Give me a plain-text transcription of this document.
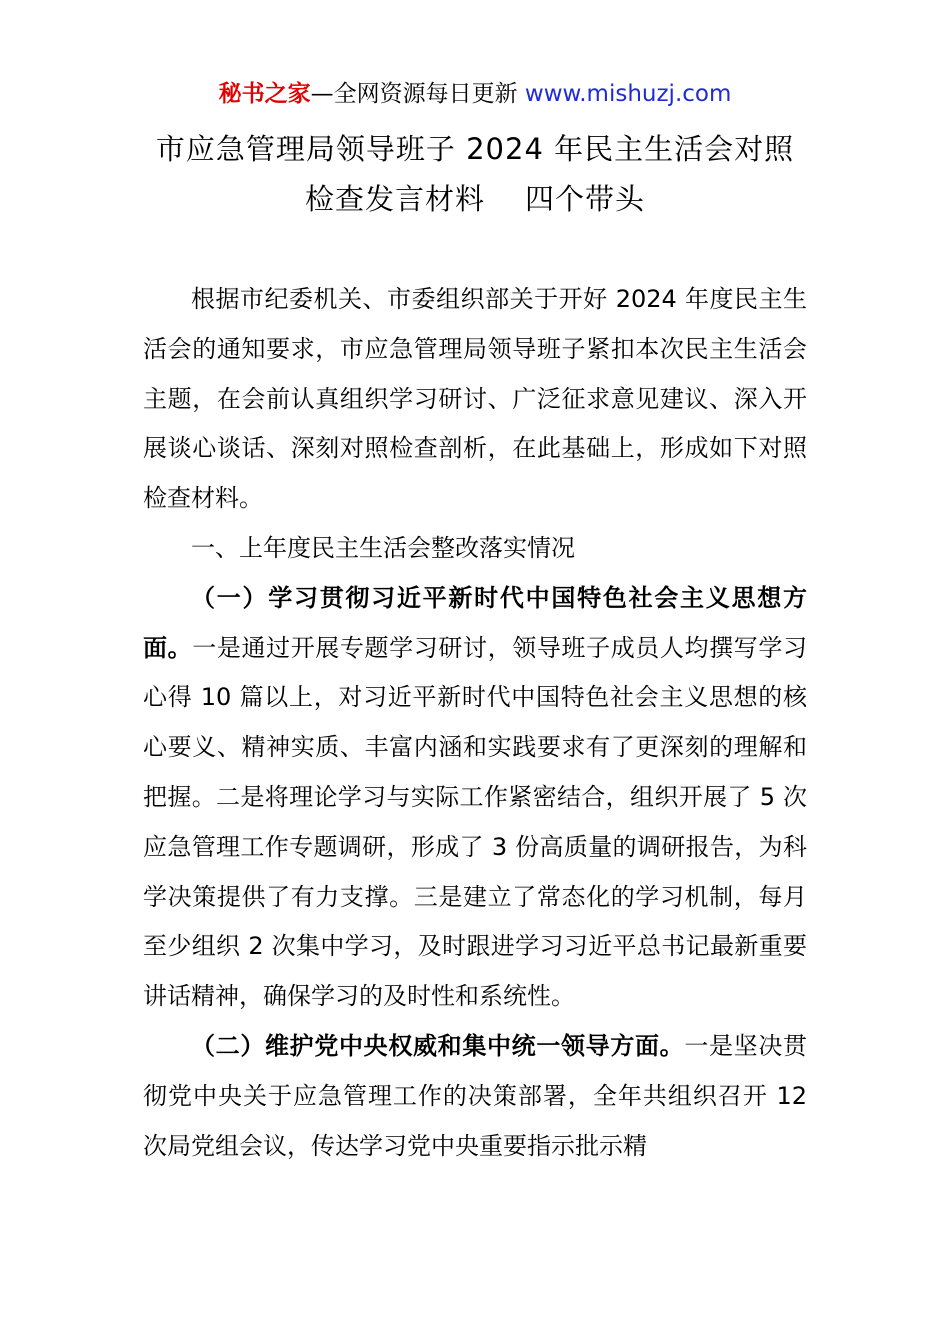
秘书之家—全网资源每日更新 www.mishuzj.com
市应急管理局领导班子 2024 年民主生活会对照
检查发言材料 四个带头

根据市纪委机关、市委组织部关于开好 2024 年度民主生活会的通知要求，市应急管理局领导班子紧扣本次民主生活会主题，在会前认真组织学习研讨、广泛征求意见建议、深入开展谈心谈话、深刻对照检查剖析，在此基础上，形成如下对照检查材料。

一、上年度民主生活会整改落实情况

（一）学习贯彻习近平新时代中国特色社会主义思想方面。一是通过开展专题学习研讨，领导班子成员人均撰写学习心得 10 篇以上，对习近平新时代中国特色社会主义思想的核心要义、精神实质、丰富内涵和实践要求有了更深刻的理解和把握。二是将理论学习与实际工作紧密结合，组织开展了 5 次应急管理工作专题调研，形成了 3 份高质量的调研报告，为科学决策提供了有力支撑。三是建立了常态化的学习机制，每月至少组织 2 次集中学习，及时跟进学习习近平总书记最新重要讲话精神，确保学习的及时性和系统性。

（二）维护党中央权威和集中统一领导方面。一是坚决贯彻党中央关于应急管理工作的决策部署，全年共组织召开 12 次局党组会议，传达学习党中央重要指示批示精
